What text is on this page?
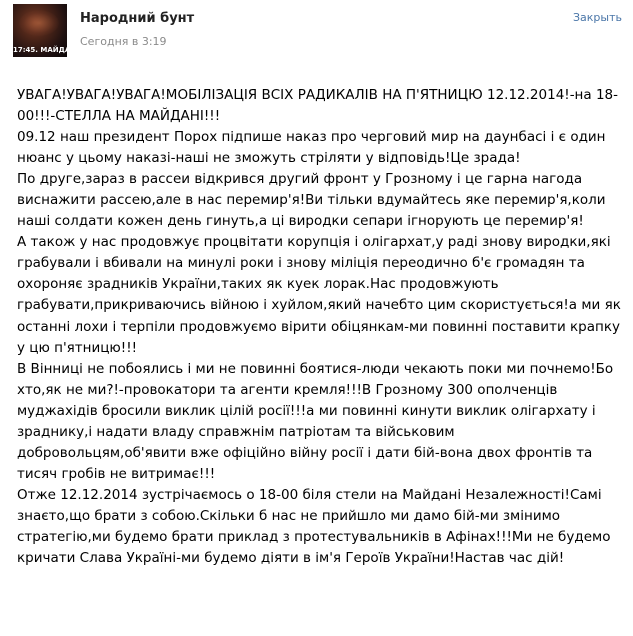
17:45. МАЙДАН
Народний бунт
Сегодня в 3:19
Закрыть

УВАГА!УВАГА!УВАГА!МОБІЛІЗАЦІЯ ВСІХ РАДИКАЛІВ НА П'ЯТНИЦЮ 12.12.2014!-на 18-00!!!-СТЕЛЛА НА МАЙДАНІ!!!

09.12 наш президент Порох підпише наказ про черговий мир на даунбасі і є один нюанс у цьому наказі-наші не зможуть стріляти у відповідь!Це зрада!

По друге,зараз в рассеи відкрився другий фронт у Грозному і це гарна нагода виснажити рассею,але в нас перемир'я!Ви тільки вдумайтесь яке перемир'я,коли наші солдати кожен день гинуть,а ці виродки сепари ігнорують це перемир'я!

А також у нас продовжує процвітати корупція і олігархат,у раді знову виродки,які грабували і вбивали на минулі роки і знову міліція переодично б'є громадян та охороняє зрадників України,таких як куек лорак.Нас продовжують грабувати,прикриваючись війною і хуйлом,який начебто цим скористується!а ми як останні лохи і терпіли продовжуємо вірити обіцянкам-ми повинні поставити крапку у цю п'ятницю!!!

В Вінниці не побоялись і ми не повинні боятися-люди чекають поки ми почнемо!Бо хто,як не ми?!-провокатори та агенти кремля!!!В Грозному 300 ополченців муджахідів бросили виклик цілій росії!!!а ми повинні кинути виклик олігархату і зраднику,і надати владу справжнім патріотам та військовим добровольцям,об'явити вже офіційно війну росії і дати бій-вона двох фронтів та тисяч гробів не витримає!!!

Отже 12.12.2014 зустрічаємось о 18-00 біля стели на Майдані Незалежності!Самі знаєто,що брати з собою.Скільки б нас не прийшло ми дамо бій-ми змінимо стратегію,ми будемо брати приклад з протестувальників в Афінах!!!Ми не будемо кричати Слава Україні-ми будемо діяти в ім'я Героїв України!Настав час дій!
